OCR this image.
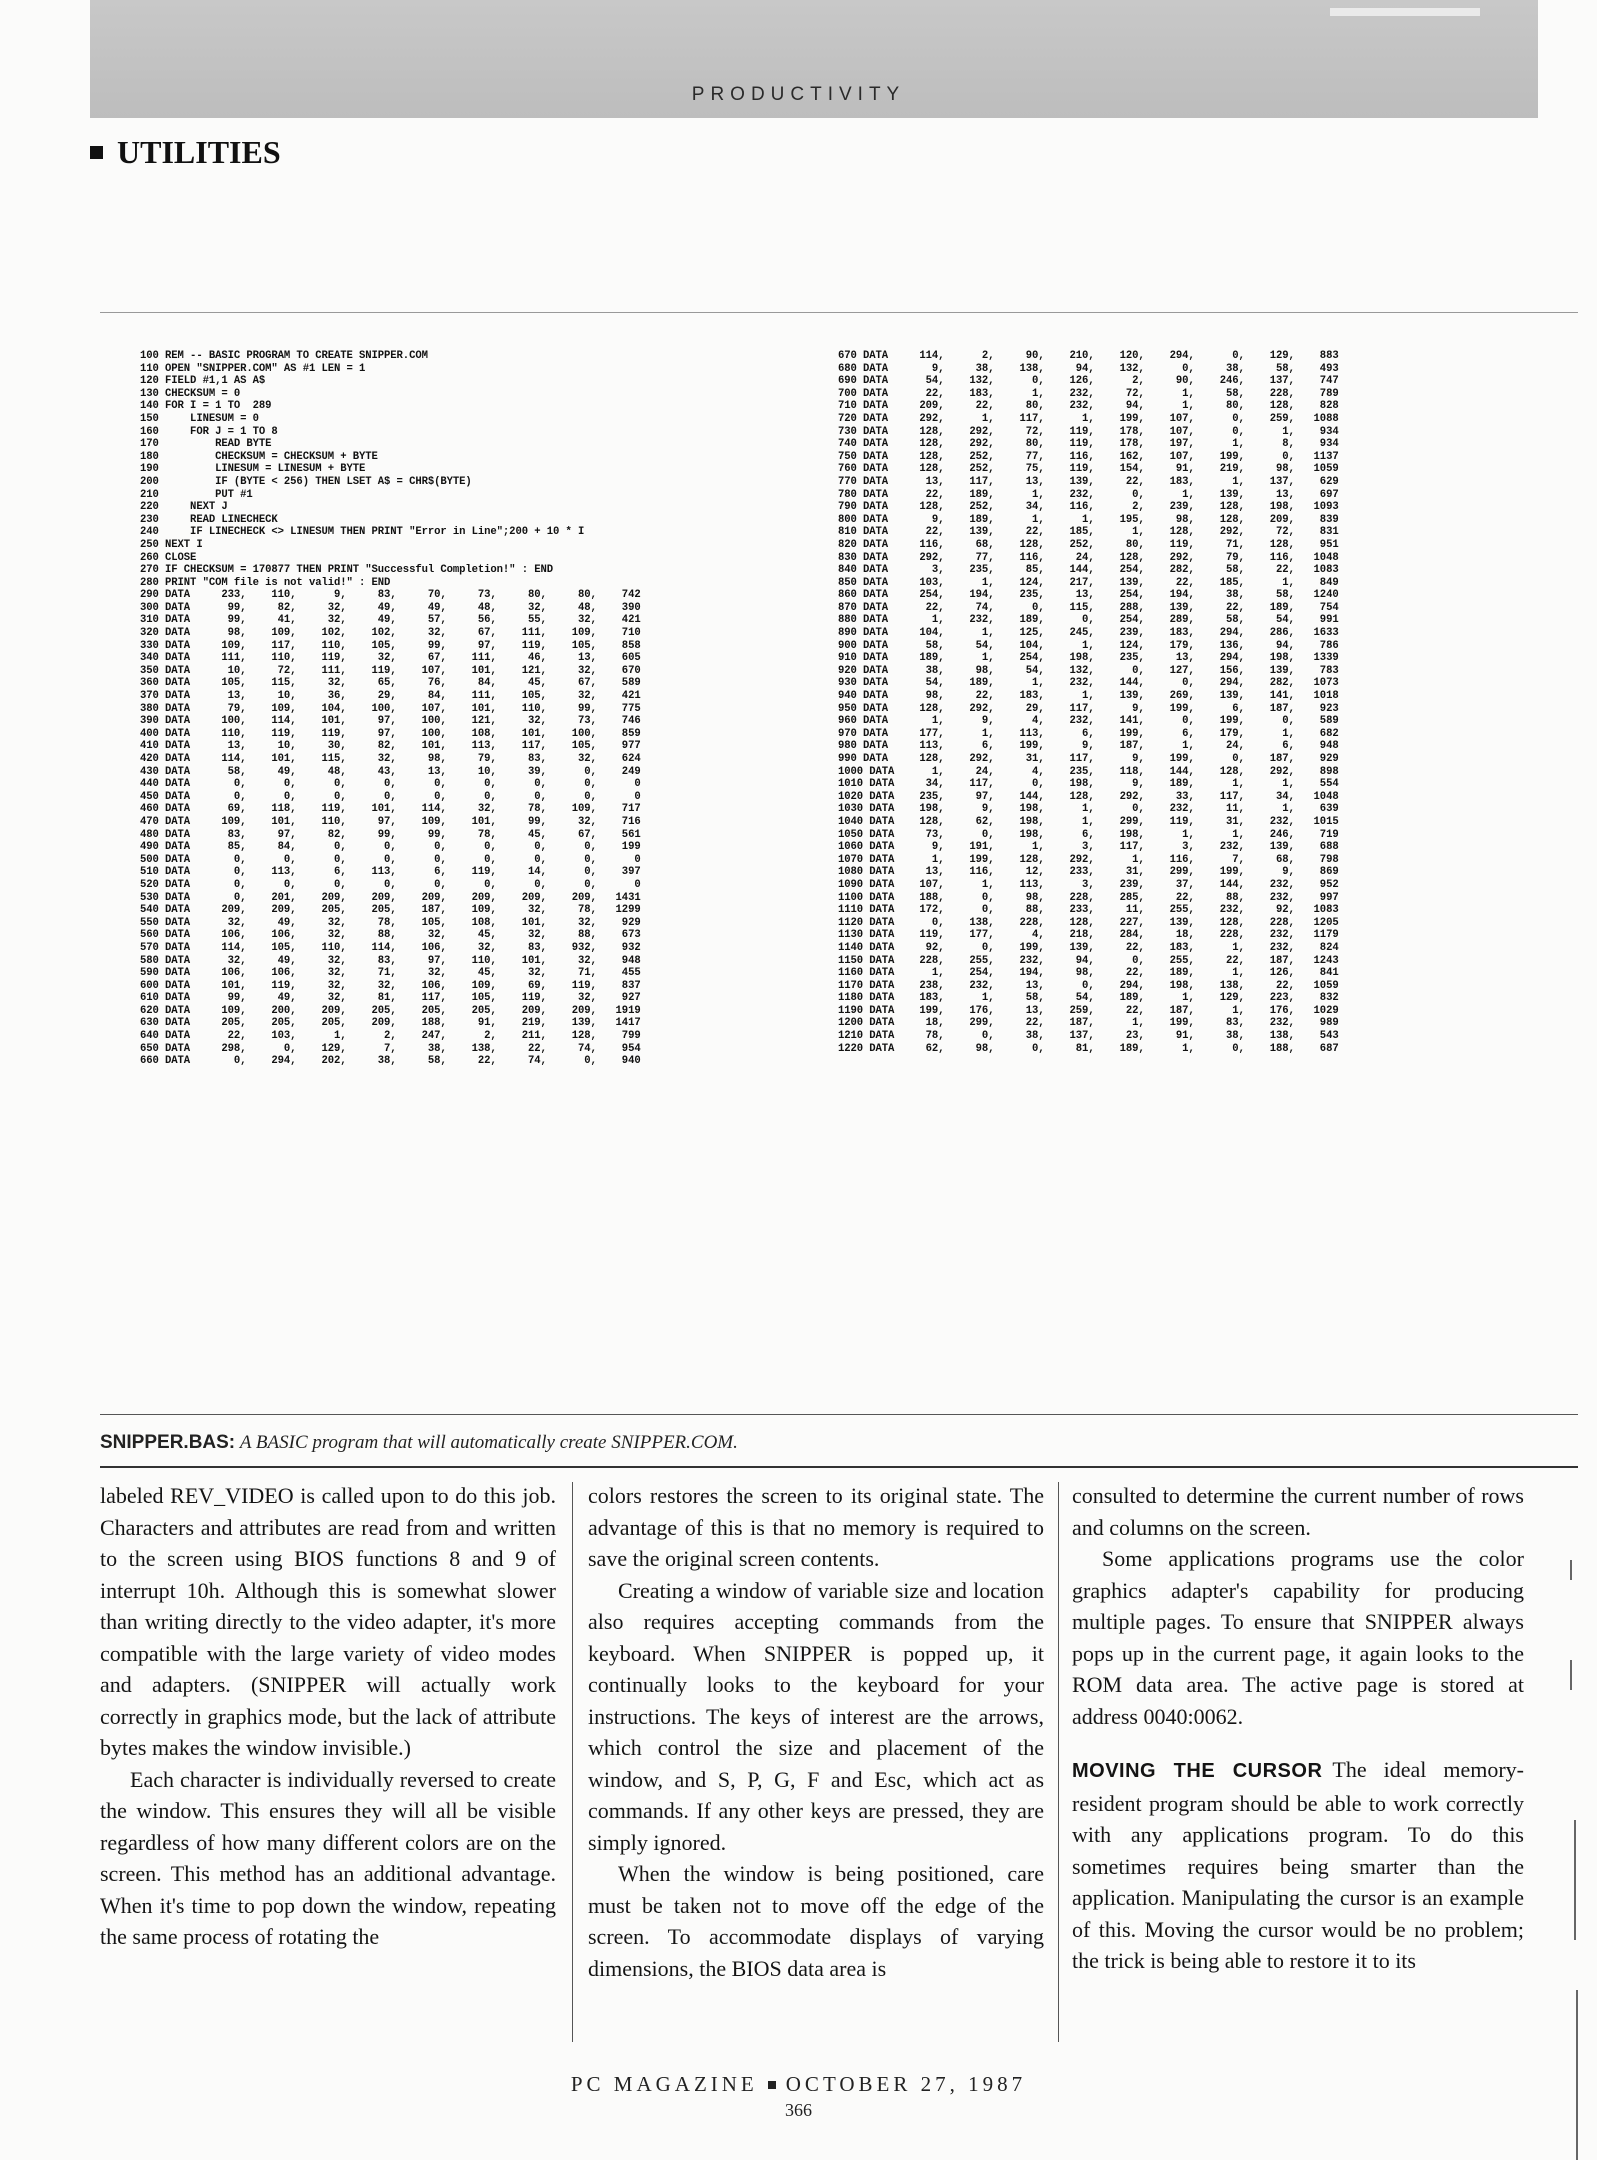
PRODUCTIVITY
UTILITIES
100 REM -- BASIC PROGRAM TO CREATE SNIPPER.COM
110 OPEN "SNIPPER.COM" AS #1 LEN = 1
120 FIELD #1,1 AS A$
130 CHECKSUM = 0
140 FOR I = 1 TO  289
150     LINESUM = 0
160     FOR J = 1 TO 8
170         READ BYTE
180         CHECKSUM = CHECKSUM + BYTE
190         LINESUM = LINESUM + BYTE
200         IF (BYTE < 256) THEN LSET A$ = CHR$(BYTE)
210         PUT #1
220     NEXT J
230     READ LINECHECK
240     IF LINECHECK <> LINESUM THEN PRINT "Error in Line";200 + 10 * I
250 NEXT I
260 CLOSE
270 IF CHECKSUM = 170877 THEN PRINT "Successful Completion!" : END
280 PRINT "COM file is not valid!" : END
290 DATA     233,    110,      9,     83,     70,     73,     80,     80,    742
300 DATA      99,     82,     32,     49,     49,     48,     32,     48,    390
310 DATA      99,     41,     32,     49,     57,     56,     55,     32,    421
320 DATA      98,    109,    102,    102,     32,     67,    111,    109,    710
330 DATA     109,    117,    110,    105,     99,     97,    119,    105,    858
340 DATA     111,    110,    119,     32,     67,    111,     46,     13,    605
350 DATA      10,     72,    111,    119,    107,    101,    121,     32,    670
360 DATA     105,    115,     32,     65,     76,     84,     45,     67,    589
370 DATA      13,     10,     36,     29,     84,    111,    105,     32,    421
380 DATA      79,    109,    104,    100,    107,    101,    110,     99,    775
390 DATA     100,    114,    101,     97,    100,    121,     32,     73,    746
400 DATA     110,    119,    119,     97,    100,    108,    101,    100,    859
410 DATA      13,     10,     30,     82,    101,    113,    117,    105,    977
420 DATA     114,    101,    115,     32,     98,     79,     83,     32,    624
430 DATA      58,     49,     48,     43,     13,     10,     39,      0,    249
440 DATA       0,      0,      0,      0,      0,      0,      0,      0,      0
450 DATA       0,      0,      0,      0,      0,      0,      0,      0,      0
460 DATA      69,    118,    119,    101,    114,     32,     78,    109,    717
470 DATA     109,    101,    110,     97,    109,    101,     99,     32,    716
480 DATA      83,     97,     82,     99,     99,     78,     45,     67,    561
490 DATA      85,     84,      0,      0,      0,      0,      0,      0,    199
500 DATA       0,      0,      0,      0,      0,      0,      0,      0,      0
510 DATA       0,    113,      6,    113,      6,    119,     14,      0,    397
520 DATA       0,      0,      0,      0,      0,      0,      0,      0,      0
530 DATA       0,    201,    209,    209,    209,    209,    209,    209,   1431
540 DATA     209,    209,    205,    205,    187,    109,     32,     78,   1299
550 DATA      32,     49,     32,     78,    105,    108,    101,     32,    929
560 DATA     106,    106,     32,     88,     32,     45,     32,     88,    673
570 DATA     114,    105,    110,    114,    106,     32,     83,    932,    932
580 DATA      32,     49,     32,     83,     97,    110,    101,     32,    948
590 DATA     106,    106,     32,     71,     32,     45,     32,     71,    455
600 DATA     101,    119,     32,     32,    106,    109,     69,    119,    837
610 DATA      99,     49,     32,     81,    117,    105,    119,     32,    927
620 DATA     109,    200,    209,    205,    205,    205,    209,    209,   1919
630 DATA     205,    205,    205,    209,    188,     91,    219,    139,   1417
640 DATA      22,    103,      1,      2,    247,      2,    211,    128,    799
650 DATA     298,      0,    129,      7,     38,    138,     22,     74,    954
660 DATA       0,    294,    202,     38,     58,     22,     74,      0,    940
670 DATA     114,      2,     90,    210,    120,    294,      0,    129,    883
680 DATA       9,     38,    138,     94,    132,      0,     38,     58,    493
690 DATA      54,    132,      0,    126,      2,     90,    246,    137,    747
700 DATA      22,    183,      1,    232,     72,      1,     58,    228,    789
710 DATA     209,     22,     80,    232,     94,      1,     80,    128,    828
720 DATA     292,      1,    117,      1,    199,    107,      0,    259,   1088
730 DATA     128,    292,     72,    119,    178,    107,      0,      1,    934
740 DATA     128,    292,     80,    119,    178,    197,      1,      8,    934
750 DATA     128,    252,     77,    116,    162,    107,    199,      0,   1137
760 DATA     128,    252,     75,    119,    154,     91,    219,     98,   1059
770 DATA      13,    117,     13,    139,     22,    183,      1,    137,    629
780 DATA      22,    189,      1,    232,      0,      1,    139,     13,    697
790 DATA     128,    252,     34,    116,      2,    239,    128,    198,   1093
800 DATA       9,    189,      1,      1,    195,     98,    128,    209,    839
810 DATA      22,    139,     22,    185,      1,    128,    292,     72,    831
820 DATA     116,     68,    128,    252,     80,    119,     71,    128,    951
830 DATA     292,     77,    116,     24,    128,    292,     79,    116,   1048
840 DATA       3,    235,     85,    144,    254,    282,     58,     22,   1083
850 DATA     103,      1,    124,    217,    139,     22,    185,      1,    849
860 DATA     254,    194,    235,     13,    254,    194,     38,     58,   1240
870 DATA      22,     74,      0,    115,    288,    139,     22,    189,    754
880 DATA       1,    232,    189,      0,    254,    289,     58,     54,    991
890 DATA     104,      1,    125,    245,    239,    183,    294,    286,   1633
900 DATA      58,     54,    104,      1,    124,    179,    136,     94,    786
910 DATA     189,      1,    254,    198,    235,     13,    294,    198,   1339
920 DATA      38,     98,     54,    132,      0,    127,    156,    139,    783
930 DATA      54,    189,      1,    232,    144,      0,    294,    282,   1073
940 DATA      98,     22,    183,      1,    139,    269,    139,    141,   1018
950 DATA     128,    292,     29,    117,      9,    199,      6,    187,    923
960 DATA       1,      9,      4,    232,    141,      0,    199,      0,    589
970 DATA     177,      1,    113,      6,    199,      6,    179,      1,    682
980 DATA     113,      6,    199,      9,    187,      1,     24,      6,    948
990 DATA     128,    292,     31,    117,      9,    199,      0,    187,    929
1000 DATA      1,     24,      4,    235,    118,    144,    128,    292,    898
1010 DATA     34,    117,      0,    198,      9,    189,      1,      1,    554
1020 DATA    235,     97,    144,    128,    292,     33,    117,     34,   1048
1030 DATA    198,      9,    198,      1,      0,    232,     11,      1,    639
1040 DATA    128,     62,    198,      1,    299,    119,     31,    232,   1015
1050 DATA     73,      0,    198,      6,    198,      1,      1,    246,    719
1060 DATA      9,    191,      1,      3,    117,      3,    232,    139,    688
1070 DATA      1,    199,    128,    292,      1,    116,      7,     68,    798
1080 DATA     13,    116,     12,    233,     31,    299,    199,      9,    869
1090 DATA    107,      1,    113,      3,    239,     37,    144,    232,    952
1100 DATA    188,      0,     98,    228,    285,     22,     88,    232,    997
1110 DATA    172,      0,     88,    233,     11,    255,    232,     92,   1083
1120 DATA      0,    138,    228,    128,    227,    139,    128,    228,   1205
1130 DATA    119,    177,      4,    218,    284,     18,    228,    232,   1179
1140 DATA     92,      0,    199,    139,     22,    183,      1,    232,    824
1150 DATA    228,    255,    232,     94,      0,    255,     22,    187,   1243
1160 DATA      1,    254,    194,     98,     22,    189,      1,    126,    841
1170 DATA    238,    232,     13,      0,    294,    198,    138,     22,   1059
1180 DATA    183,      1,     58,     54,    189,      1,    129,    223,    832
1190 DATA    199,    176,     13,    259,     22,    187,      1,    176,   1029
1200 DATA     18,    299,     22,    187,      1,    199,     83,    232,    989
1210 DATA     78,      0,     38,    137,     23,     91,     38,    138,    543
1220 DATA     62,     98,      0,     81,    189,      1,      0,    188,    687
SNIPPER.BAS: A BASIC program that will automatically create SNIPPER.COM.

labeled REV_VIDEO is called upon to do this job. Characters and attributes are read from and written to the screen using BIOS functions 8 and 9 of interrupt 10h. Although this is somewhat slower than writing directly to the video adapter, it's more compatible with the large variety of video modes and adapters. (SNIPPER will actually work correctly in graphics mode, but the lack of attribute bytes makes the window invisible.)

Each character is individually reversed to create the window. This ensures they will all be visible regardless of how many different colors are on the screen. This method has an additional advantage. When it's time to pop down the window, repeating the same process of rotating the

colors restores the screen to its original state. The advantage of this is that no memory is required to save the original screen contents.

Creating a window of variable size and location also requires accepting commands from the keyboard. When SNIPPER is popped up, it continually looks to the keyboard for your instructions. The keys of interest are the arrows, which control the size and placement of the window, and S, P, G, F and Esc, which act as commands. If any other keys are pressed, they are simply ignored.

When the window is being positioned, care must be taken not to move off the edge of the screen. To accommodate displays of varying dimensions, the BIOS data area is

consulted to determine the current number of rows and columns on the screen.

Some applications programs use the color graphics adapter's capability for producing multiple pages. To ensure that SNIPPER always pops up in the current page, it again looks to the ROM data area. The active page is stored at address 0040:0062.

MOVING THE CURSOR The ideal memory-resident program should be able to work correctly with any applications program. To do this sometimes requires being smarter than the application. Manipulating the cursor is an example of this. Moving the cursor would be no problem; the trick is being able to restore it to its

PC MAGAZINE OCTOBER 27, 1987
366
